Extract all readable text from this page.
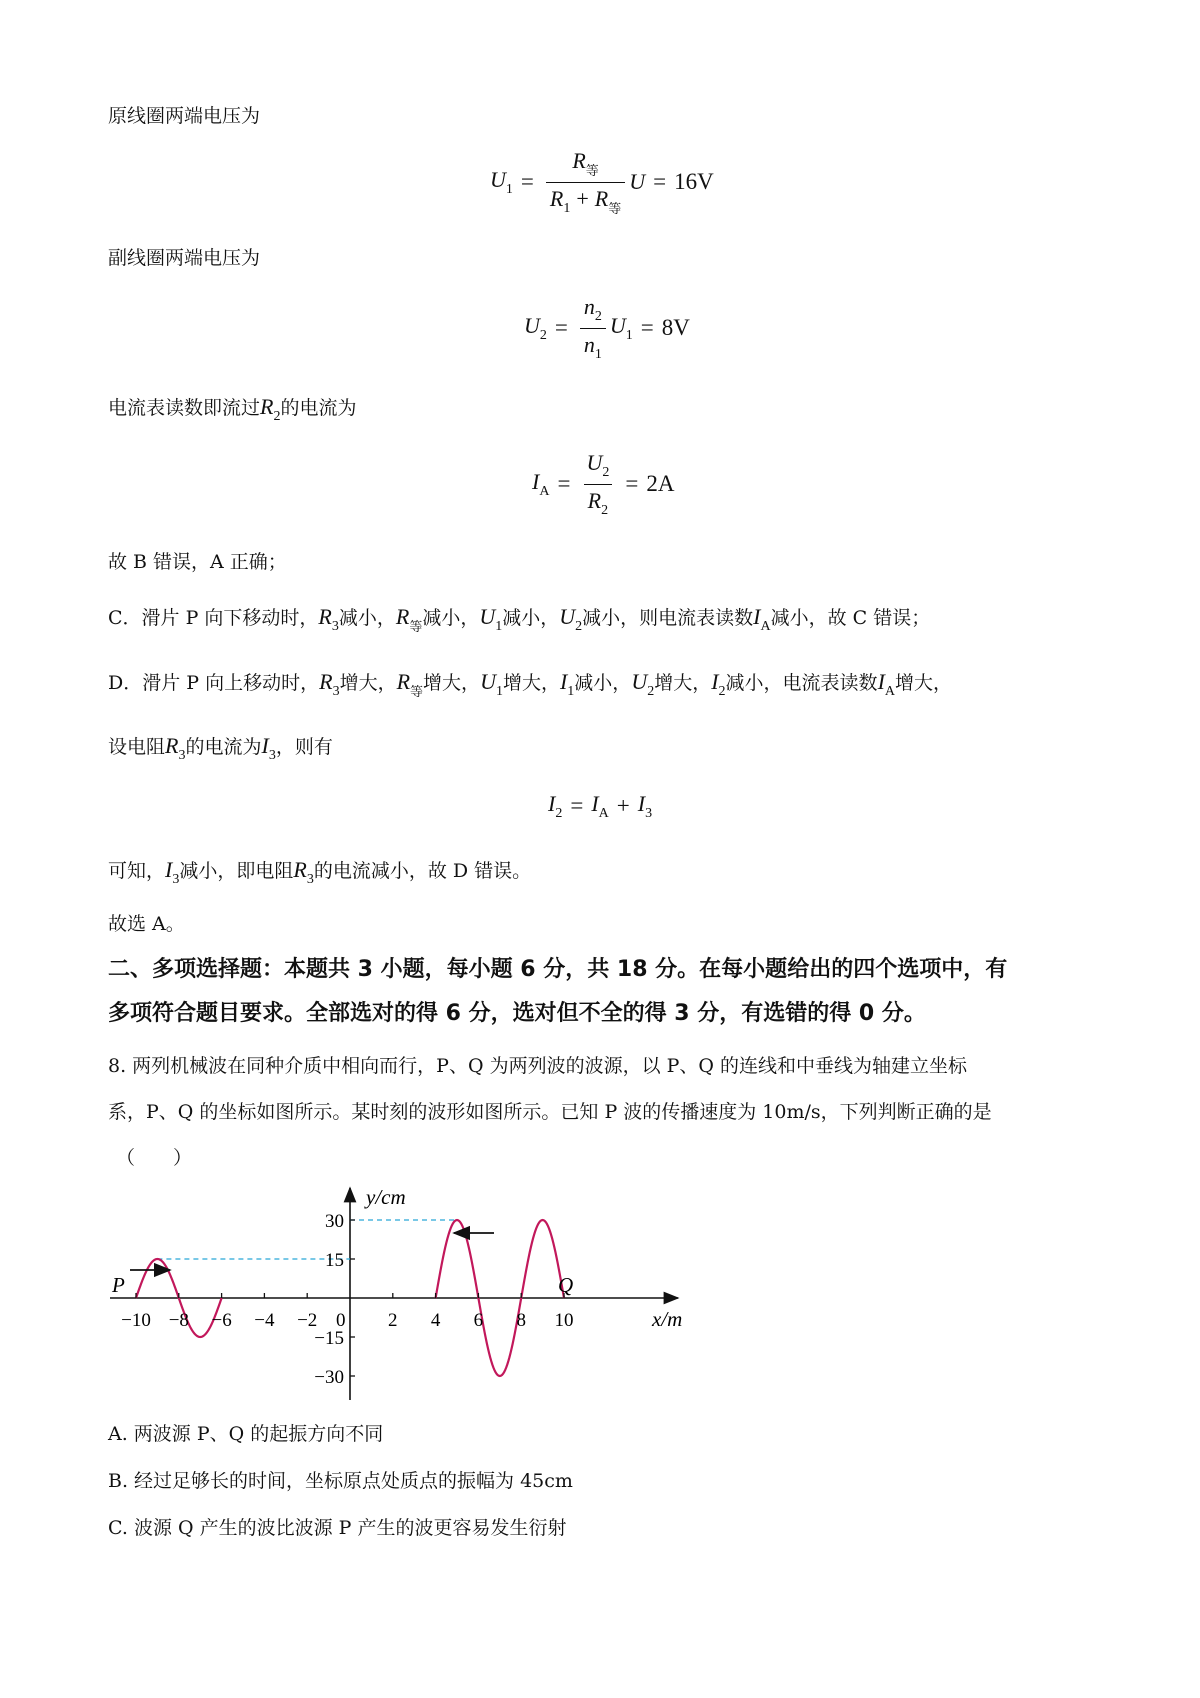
原线圈两端电压为
$U_1 = \frac{R_等}{R_1 + R_等}$ U = 16V
副线圈两端电压为
$U_2 = \frac{n_2}{n_1} U_1 = 8V$
电流表读数即流过$R_2$的电流为
$I_A = \frac{U_2}{R_2} = 2A$
故 B 错误，A 正确；
C．滑片 P 向下移动时，$R_3$减小，$R_等$减小，$U_1$减小，$U_2$减小，则电流表读数$I_A$减小，故 C 错误；
D．滑片 P 向上移动时，$R_3$增大，$R_等$增大，$U_1$增大，$I_1$减小，$U_2$增大，$I_2$减小，电流表读数$I_A$增大，
设电阻$R_3$的电流为$I_3$，则有
$I_2 = I_A + I_3$
可知，$I_3$减小，即电阻$R_3$的电流减小，故 D 错误。
故选 A。
二、多项选择题：本题共 3 小题，每小题 6 分，共 18 分。在每小题给出的四个选项中，有
多项符合题目要求。全部选对的得 6 分，选对但不全的得 3 分，有选错的得 0 分。
8. 两列机械波在同种介质中相向而行，P、Q 为两列波的波源，以 P、Q 的连线和中垂线为轴建立坐标
系，P、Q 的坐标如图所示。某时刻的波形如图所示。已知 P 波的传播速度为 10m/s，下列判断正确的是
（　　）
y/cm
x/m
P	Q
−10 −8 −6 −4 −2 0 2 4 6 8 10
30
15
−15
−30
A. 两波源 P、Q 的起振方向不同
B. 经过足够长的时间，坐标原点处质点的振幅为 45cm
C. 波源 Q 产生的波比波源 P 产生的波更容易发生衍射
